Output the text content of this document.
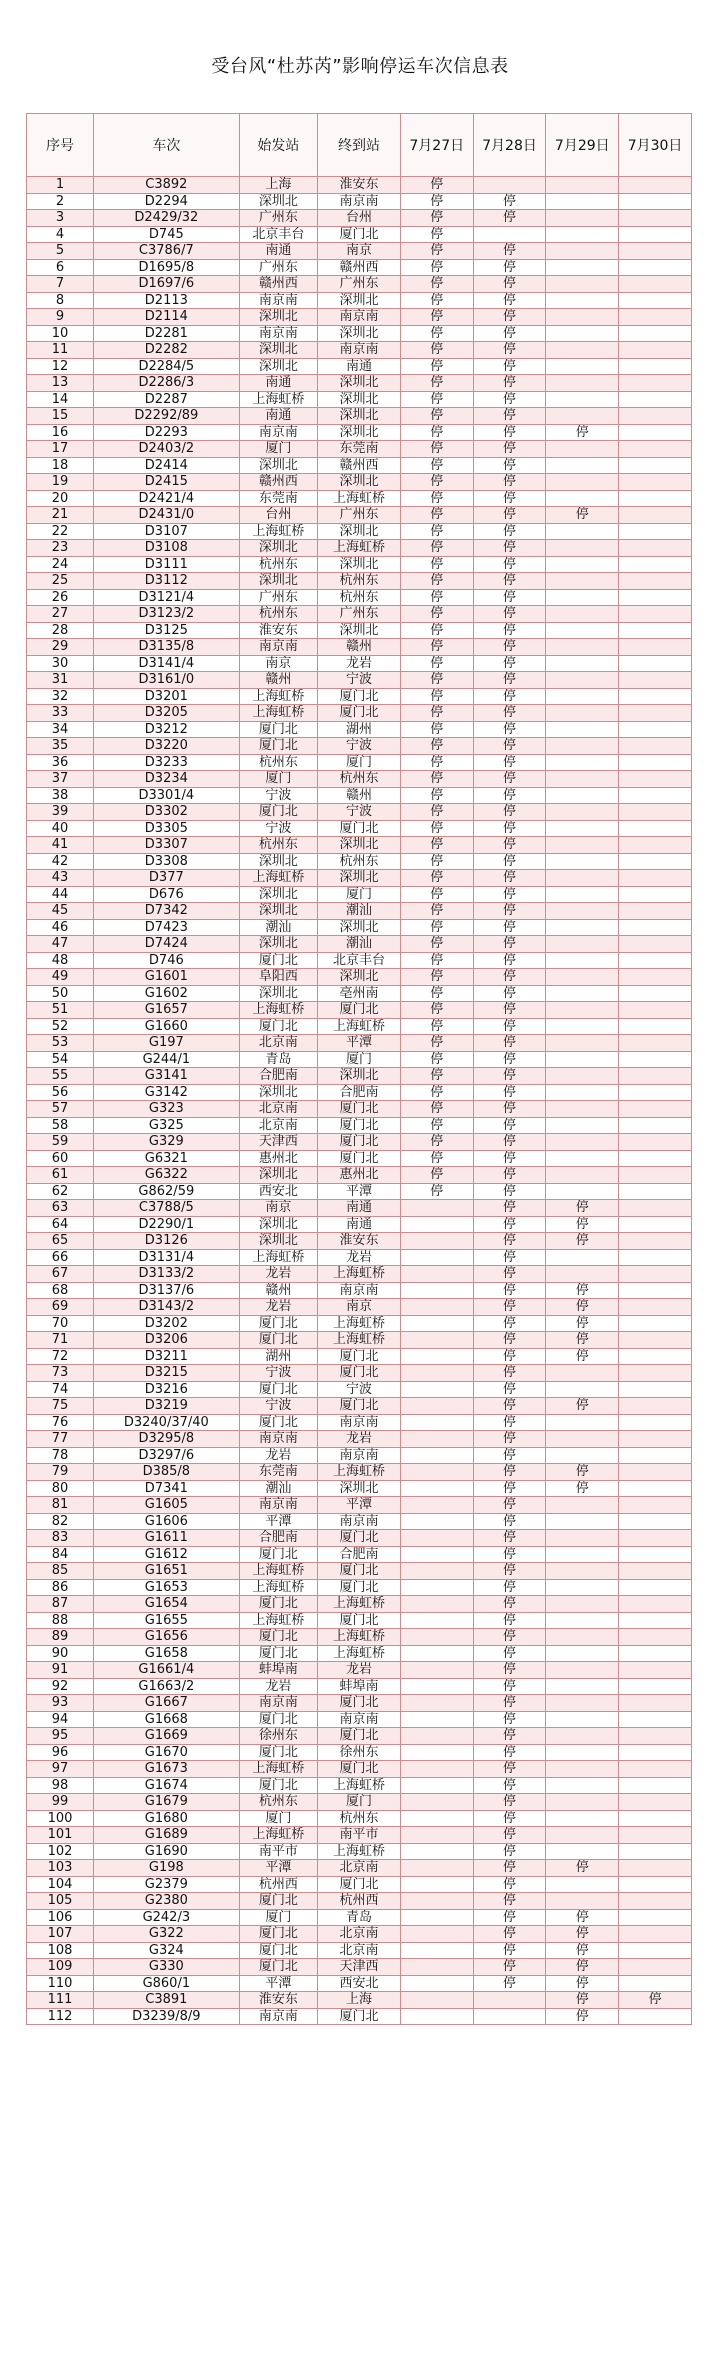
受台风“杜苏芮”影响停运车次信息表
序号	车次	始发站	终到站	7月27日	7月28日	7月29日	7月30日
1	C3892	上海	淮安东	停			
2	D2294	深圳北	南京南	停	停		
3	D2429/32	广州东	台州	停	停		
4	D745	北京丰台	厦门北	停			
5	C3786/7	南通	南京	停	停		
6	D1695/8	广州东	赣州西	停	停		
7	D1697/6	赣州西	广州东	停	停		
8	D2113	南京南	深圳北	停	停		
9	D2114	深圳北	南京南	停	停		
10	D2281	南京南	深圳北	停	停		
11	D2282	深圳北	南京南	停	停		
12	D2284/5	深圳北	南通	停	停		
13	D2286/3	南通	深圳北	停	停		
14	D2287	上海虹桥	深圳北	停	停		
15	D2292/89	南通	深圳北	停	停		
16	D2293	南京南	深圳北	停	停	停	
17	D2403/2	厦门	东莞南	停	停		
18	D2414	深圳北	赣州西	停	停		
19	D2415	赣州西	深圳北	停	停		
20	D2421/4	东莞南	上海虹桥	停	停		
21	D2431/0	台州	广州东	停	停	停	
22	D3107	上海虹桥	深圳北	停	停		
23	D3108	深圳北	上海虹桥	停	停		
24	D3111	杭州东	深圳北	停	停		
25	D3112	深圳北	杭州东	停	停		
26	D3121/4	广州东	杭州东	停	停		
27	D3123/2	杭州东	广州东	停	停		
28	D3125	淮安东	深圳北	停	停		
29	D3135/8	南京南	赣州	停	停		
30	D3141/4	南京	龙岩	停	停		
31	D3161/0	赣州	宁波	停	停		
32	D3201	上海虹桥	厦门北	停	停		
33	D3205	上海虹桥	厦门北	停	停		
34	D3212	厦门北	湖州	停	停		
35	D3220	厦门北	宁波	停	停		
36	D3233	杭州东	厦门	停	停		
37	D3234	厦门	杭州东	停	停		
38	D3301/4	宁波	赣州	停	停		
39	D3302	厦门北	宁波	停	停		
40	D3305	宁波	厦门北	停	停		
41	D3307	杭州东	深圳北	停	停		
42	D3308	深圳北	杭州东	停	停		
43	D377	上海虹桥	深圳北	停	停		
44	D676	深圳北	厦门	停	停		
45	D7342	深圳北	潮汕	停	停		
46	D7423	潮汕	深圳北	停	停		
47	D7424	深圳北	潮汕	停	停		
48	D746	厦门北	北京丰台	停	停		
49	G1601	阜阳西	深圳北	停	停		
50	G1602	深圳北	亳州南	停	停		
51	G1657	上海虹桥	厦门北	停	停		
52	G1660	厦门北	上海虹桥	停	停		
53	G197	北京南	平潭	停	停		
54	G244/1	青岛	厦门	停	停		
55	G3141	合肥南	深圳北	停	停		
56	G3142	深圳北	合肥南	停	停		
57	G323	北京南	厦门北	停	停		
58	G325	北京南	厦门北	停	停		
59	G329	天津西	厦门北	停	停		
60	G6321	惠州北	厦门北	停	停		
61	G6322	深圳北	惠州北	停	停		
62	G862/59	西安北	平潭	停	停		
63	C3788/5	南京	南通		停	停	
64	D2290/1	深圳北	南通		停	停	
65	D3126	深圳北	淮安东		停	停	
66	D3131/4	上海虹桥	龙岩		停		
67	D3133/2	龙岩	上海虹桥		停		
68	D3137/6	赣州	南京南		停	停	
69	D3143/2	龙岩	南京		停	停	
70	D3202	厦门北	上海虹桥		停	停	
71	D3206	厦门北	上海虹桥		停	停	
72	D3211	湖州	厦门北		停	停	
73	D3215	宁波	厦门北		停		
74	D3216	厦门北	宁波		停		
75	D3219	宁波	厦门北		停	停	
76	D3240/37/40	厦门北	南京南		停		
77	D3295/8	南京南	龙岩		停		
78	D3297/6	龙岩	南京南		停		
79	D385/8	东莞南	上海虹桥		停	停	
80	D7341	潮汕	深圳北		停	停	
81	G1605	南京南	平潭		停		
82	G1606	平潭	南京南		停		
83	G1611	合肥南	厦门北		停		
84	G1612	厦门北	合肥南		停		
85	G1651	上海虹桥	厦门北		停		
86	G1653	上海虹桥	厦门北		停		
87	G1654	厦门北	上海虹桥		停		
88	G1655	上海虹桥	厦门北		停		
89	G1656	厦门北	上海虹桥		停		
90	G1658	厦门北	上海虹桥		停		
91	G1661/4	蚌埠南	龙岩		停		
92	G1663/2	龙岩	蚌埠南		停		
93	G1667	南京南	厦门北		停		
94	G1668	厦门北	南京南		停		
95	G1669	徐州东	厦门北		停		
96	G1670	厦门北	徐州东		停		
97	G1673	上海虹桥	厦门北		停		
98	G1674	厦门北	上海虹桥		停		
99	G1679	杭州东	厦门		停		
100	G1680	厦门	杭州东		停		
101	G1689	上海虹桥	南平市		停		
102	G1690	南平市	上海虹桥		停		
103	G198	平潭	北京南		停	停	
104	G2379	杭州西	厦门北		停		
105	G2380	厦门北	杭州西		停		
106	G242/3	厦门	青岛		停	停	
107	G322	厦门北	北京南		停	停	
108	G324	厦门北	北京南		停	停	
109	G330	厦门北	天津西		停	停	
110	G860/1	平潭	西安北		停	停	
111	C3891	淮安东	上海			停	停
112	D3239/8/9	南京南	厦门北			停	
